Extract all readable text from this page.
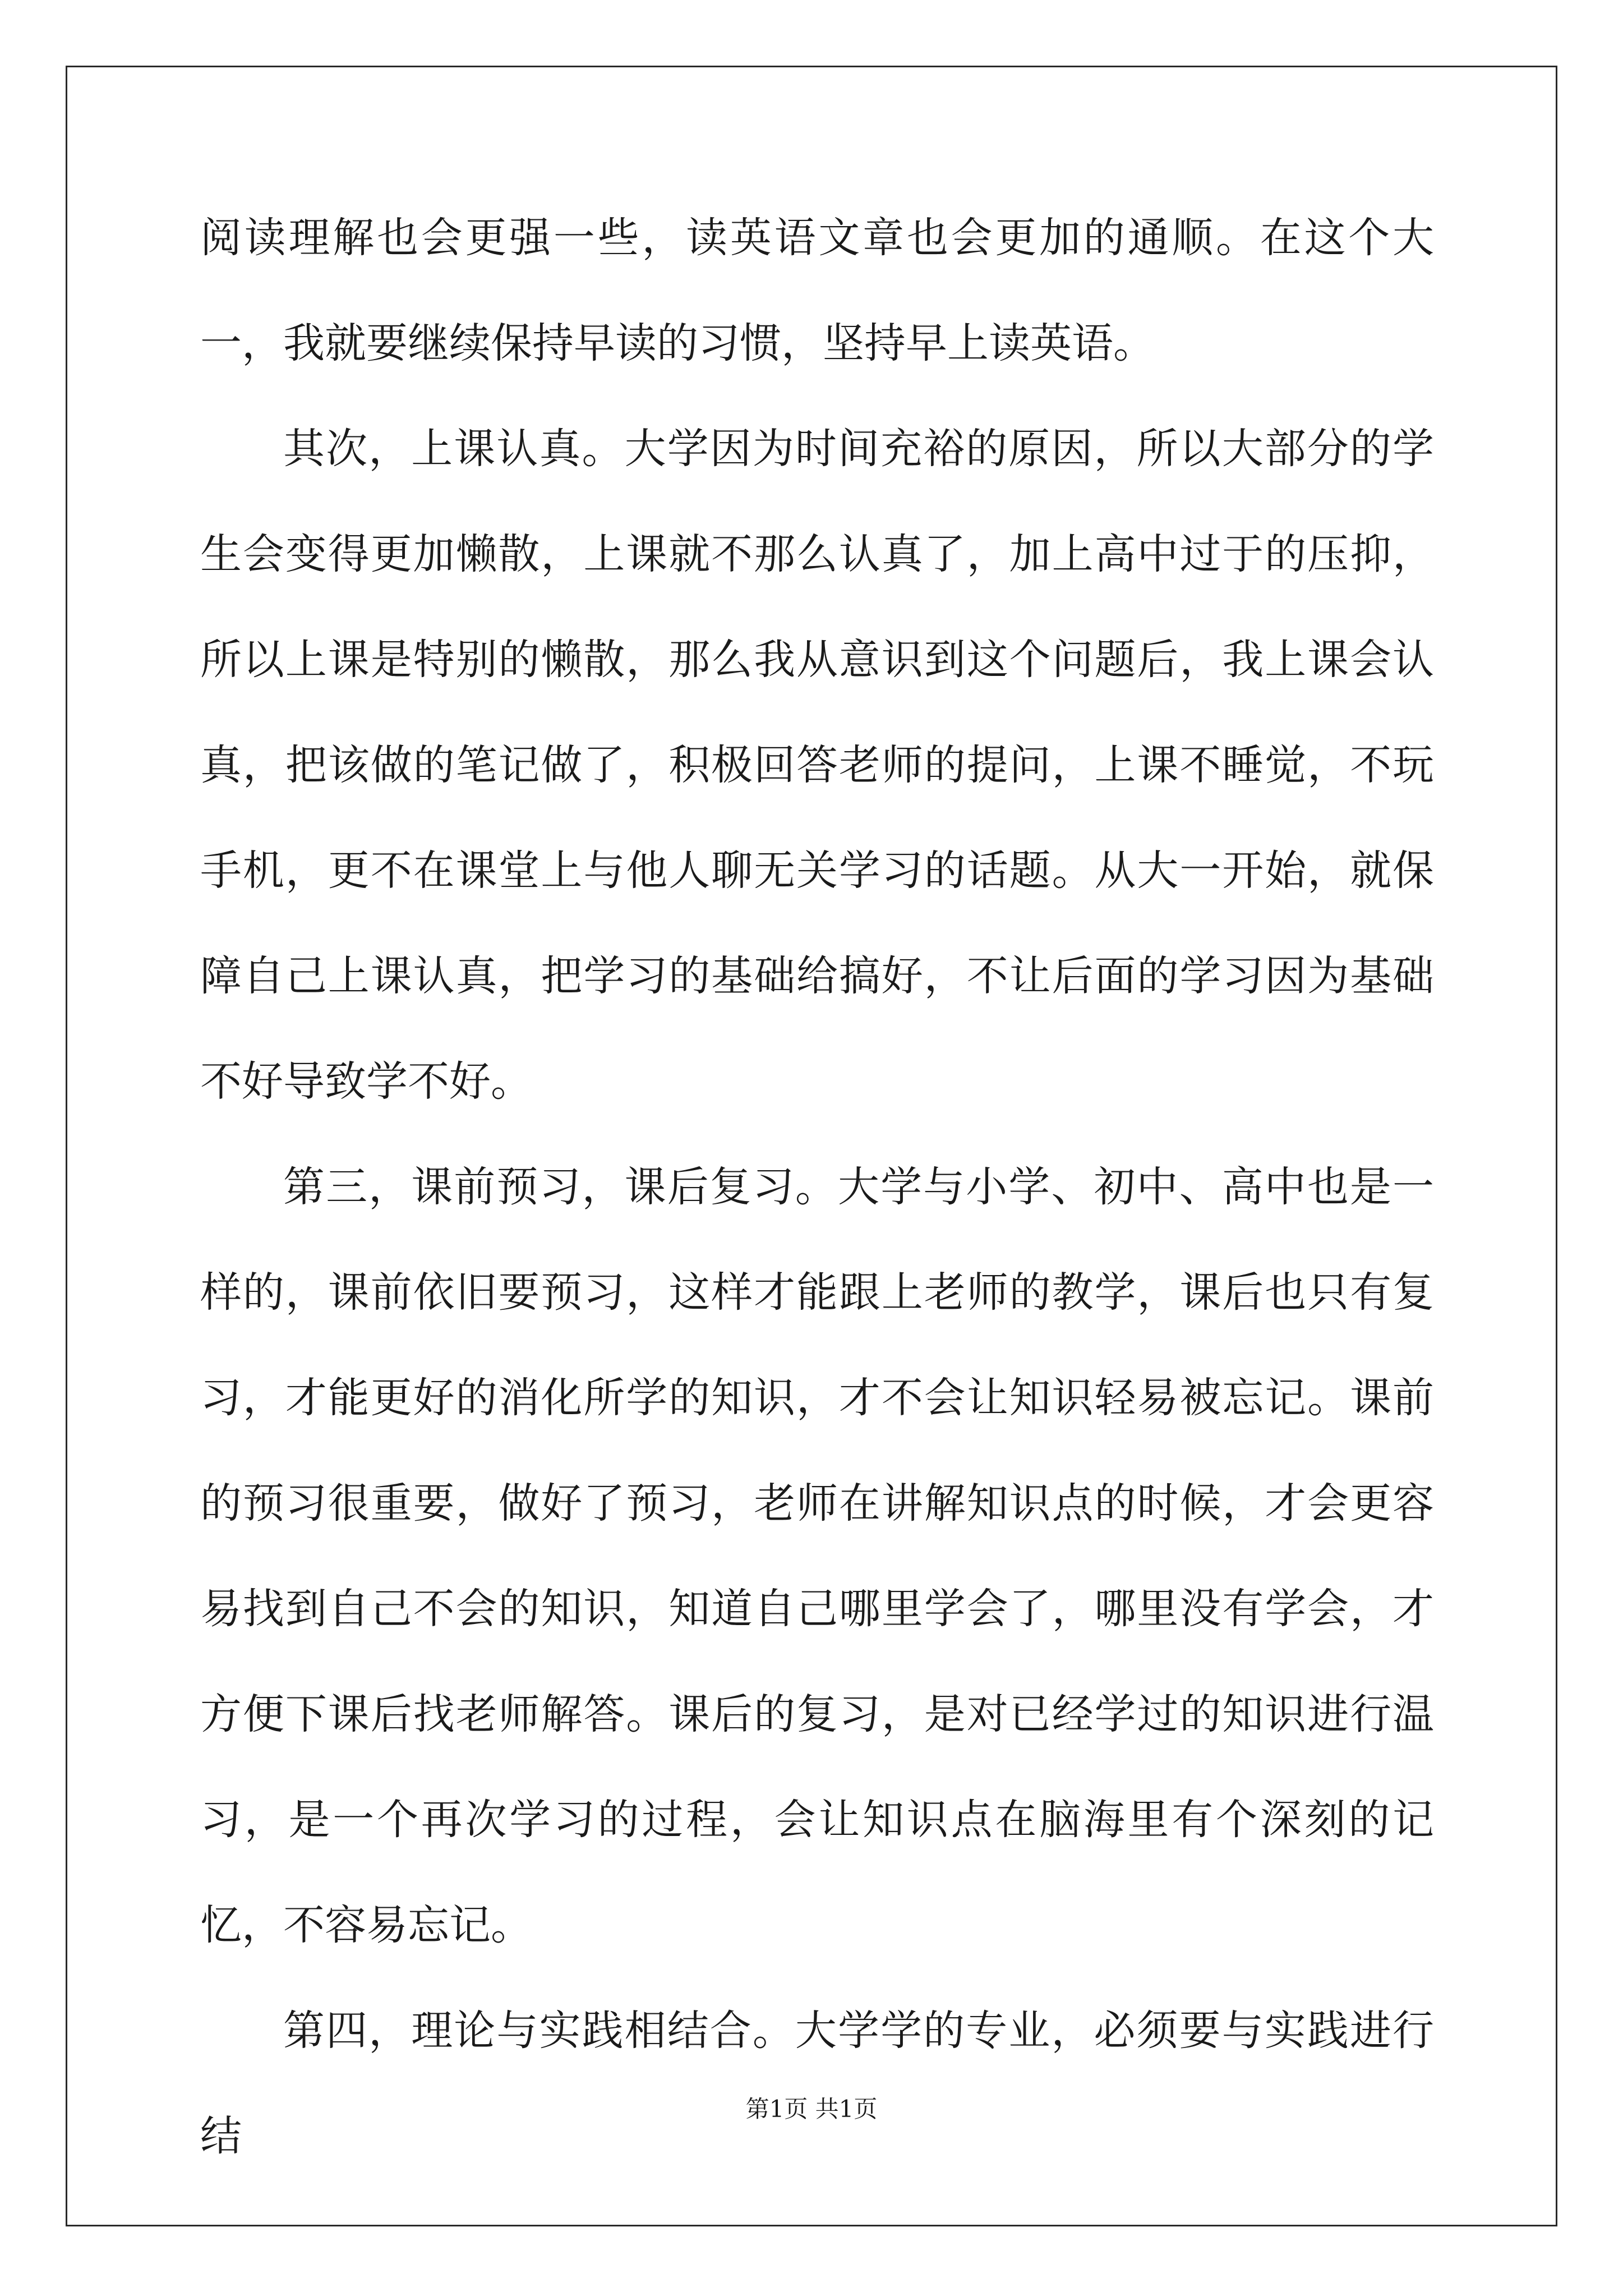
阅读理解也会更强一些，读英语文章也会更加的通顺。在这个大一，我就要继续保持早读的习惯，坚持早上读英语。

其次，上课认真。大学因为时间充裕的原因，所以大部分的学生会变得更加懒散，上课就不那么认真了，加上高中过于的压抑，所以上课是特别的懒散，那么我从意识到这个问题后，我上课会认真，把该做的笔记做了，积极回答老师的提问，上课不睡觉，不玩手机，更不在课堂上与他人聊无关学习的话题。从大一开始，就保障自己上课认真，把学习的基础给搞好，不让后面的学习因为基础不好导致学不好。

第三，课前预习，课后复习。大学与小学、初中、高中也是一样的，课前依旧要预习，这样才能跟上老师的教学，课后也只有复习，才能更好的消化所学的知识，才不会让知识轻易被忘记。课前的预习很重要，做好了预习，老师在讲解知识点的时候，才会更容易找到自己不会的知识，知道自己哪里学会了，哪里没有学会，才方便下课后找老师解答。课后的复习，是对已经学过的知识进行温习，是一个再次学习的过程，会让知识点在脑海里有个深刻的记忆，不容易忘记。

第四，理论与实践相结合。大学学的专业，必须要与实践进行结

第1页 共1页
